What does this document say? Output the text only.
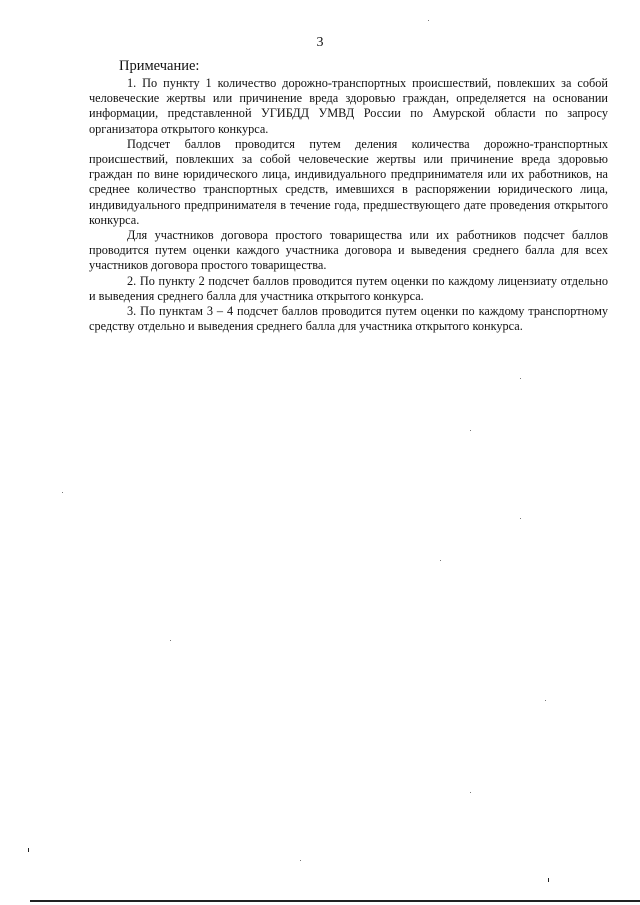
3
Примечание:

1. По пункту 1 количество дорожно-транспортных происшествий, повлекших за собой человеческие жертвы или причинение вреда здоровью граждан, определяется на основании информации, представленной УГИБДД УМВД России по Амурской области по запросу организатора открытого конкурса.

Подсчет баллов проводится путем деления количества дорожно-транспортных происшествий, повлекших за собой человеческие жертвы или причинение вреда здоровью граждан по вине юридического лица, индивидуального предпринимателя или их работников, на среднее количество транспортных средств, имевшихся в распоряжении юридического лица, индивидуального предпринимателя в течение года, предшествующего дате проведения открытого конкурса.

Для участников договора простого товарищества или их работников подсчет баллов проводится путем оценки каждого участника договора и выведения среднего балла для всех участников договора простого товарищества.

2. По пункту 2 подсчет баллов проводится путем оценки по каждому лицензиату отдельно и выведения среднего балла для участника открытого конкурса.

3. По пунктам 3 – 4 подсчет баллов проводится путем оценки по каждому транспортному средству отдельно и выведения среднего балла для участника открытого конкурса.
